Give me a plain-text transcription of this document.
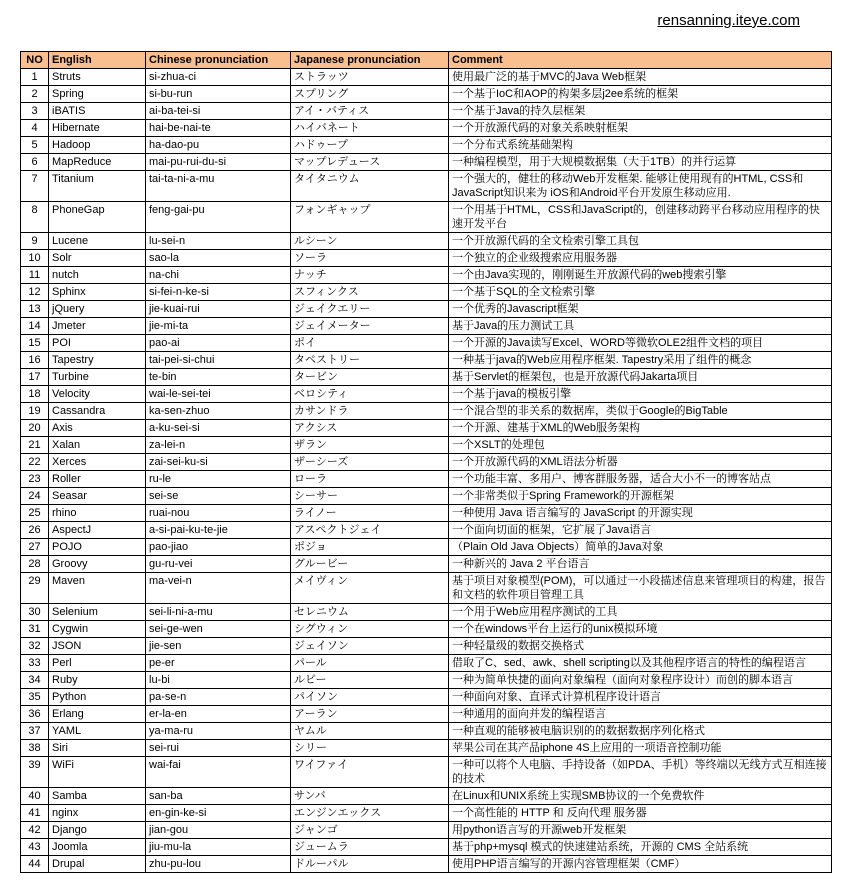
rensanning.iteye.com
NO	English	Chinese pronunciation	Japanese pronunciation	Comment
1	Struts	si-zhua-ci	ストラッツ	使用最广泛的基于MVC的Java Web框架
2	Spring	si-bu-run	スプリング	一个基于IoC和AOP的构架多层j2ee系统的框架
3	iBATIS	ai-ba-tei-si	アイ・バティス	一个基于Java的持久层框架
4	Hibernate	hai-be-nai-te	ハイバネート	一个开放源代码的对象关系映射框架
5	Hadoop	ha-dao-pu	ハドゥープ	一个分布式系统基础架构
6	MapReduce	mai-pu-rui-du-si	マップレデュース	一种编程模型，用于大规模数据集（大于1TB）的并行运算
7	Titanium	tai-ta-ni-a-mu	タイタニウム	一个强大的，健壮的移动Web开发框架. 能够让使用现有的HTML, CSS和JavaScript知识来为 iOS和Android平台开发原生移动应用.
8	PhoneGap	feng-gai-pu	フォンギャップ	一个用基于HTML，CSS和JavaScript的，创建移动跨平台移动应用程序的快速开发平台
9	Lucene	lu-sei-n	ルシーン	一个开放源代码的全文检索引擎工具包
10	Solr	sao-la	ソーラ	一个独立的企业级搜索应用服务器
11	nutch	na-chi	ナッチ	一个由Java实现的，刚刚诞生开放源代码的web搜索引擎
12	Sphinx	si-fei-n-ke-si	スフィンクス	一个基于SQL的全文检索引擎
13	jQuery	jie-kuai-rui	ジェイクエリー	一个优秀的Javascript框架
14	Jmeter	jie-mi-ta	ジェイメーター	基于Java的压力测试工具
15	POI	pao-ai	ポイ	一个开源的Java读写Excel、WORD等微软OLE2组件文档的项目
16	Tapestry	tai-pei-si-chui	タペストリー	一种基于java的Web应用程序框架. Tapestry采用了组件的概念
17	Turbine	te-bin	タービン	基于Servlet的框架包，也是开放源代码Jakarta项目
18	Velocity	wai-le-sei-tei	ベロシティ	一个基于java的模板引擎
19	Cassandra	ka-sen-zhuo	カサンドラ	一个混合型的非关系的数据库，类似于Google的BigTable
20	Axis	a-ku-sei-si	アクシス	一个开源、建基于XML的Web服务架构
21	Xalan	za-lei-n	ザラン	一个XSLT的处理包
22	Xerces	zai-sei-ku-si	ザーシーズ	一个开放源代码的XML语法分析器
23	Roller	ru-le	ローラ	一个功能丰富、多用户、博客群服务器，适合大小不一的博客站点
24	Seasar	sei-se	シーサー	一个非常类似于Spring Framework的开源框架
25	rhino	ruai-nou	ライノー	一种使用 Java 语言编写的 JavaScript 的开源实现
26	AspectJ	a-si-pai-ku-te-jie	アスペクトジェイ	一个面向切面的框架，它扩展了Java语言
27	POJO	pao-jiao	ポジョ	（Plain Old Java Objects）简单的Java对象
28	Groovy	gu-ru-vei	グルービー	一种新兴的 Java 2 平台语言
29	Maven	ma-vei-n	メイヴィン	基于项目对象模型(POM)，可以通过一小段描述信息来管理项目的构建，报告和文档的软件项目管理工具
30	Selenium	sei-li-ni-a-mu	セレニウム	一个用于Web应用程序测试的工具
31	Cygwin	sei-ge-wen	シグウィン	一个在windows平台上运行的unix模拟环境
32	JSON	jie-sen	ジェイソン	一种轻量级的数据交换格式
33	Perl	pe-er	パール	借取了C、sed、awk、shell scripting以及其他程序语言的特性的编程语言
34	Ruby	lu-bi	ルビー	一种为简单快捷的面向对象编程（面向对象程序设计）而创的脚本语言
35	Python	pa-se-n	パイソン	一种面向对象、直译式计算机程序设计语言
36	Erlang	er-la-en	アーラン	一种通用的面向并发的编程语言
37	YAML	ya-ma-ru	ヤムル	一种直观的能够被电脑识别的的数据数据序列化格式
38	Siri	sei-rui	シリー	苹果公司在其产品iphone 4S上应用的一项语音控制功能
39	WiFi	wai-fai	ワイファイ	一种可以将个人电脑、手持设备（如PDA、手机）等终端以无线方式互相连接的技术
40	Samba	san-ba	サンバ	在Linux和UNIX系统上实现SMB协议的一个免费软件
41	nginx	en-gin-ke-si	エンジンエックス	一个高性能的 HTTP 和 反向代理 服务器
42	Django	jian-gou	ジャンゴ	用python语言写的开源web开发框架
43	Joomla	jiu-mu-la	ジュームラ	基于php+mysql 模式的快速建站系统，开源的 CMS 全站系统
44	Drupal	zhu-pu-lou	ドルーパル	使用PHP语言编写的开源内容管理框架（CMF）
